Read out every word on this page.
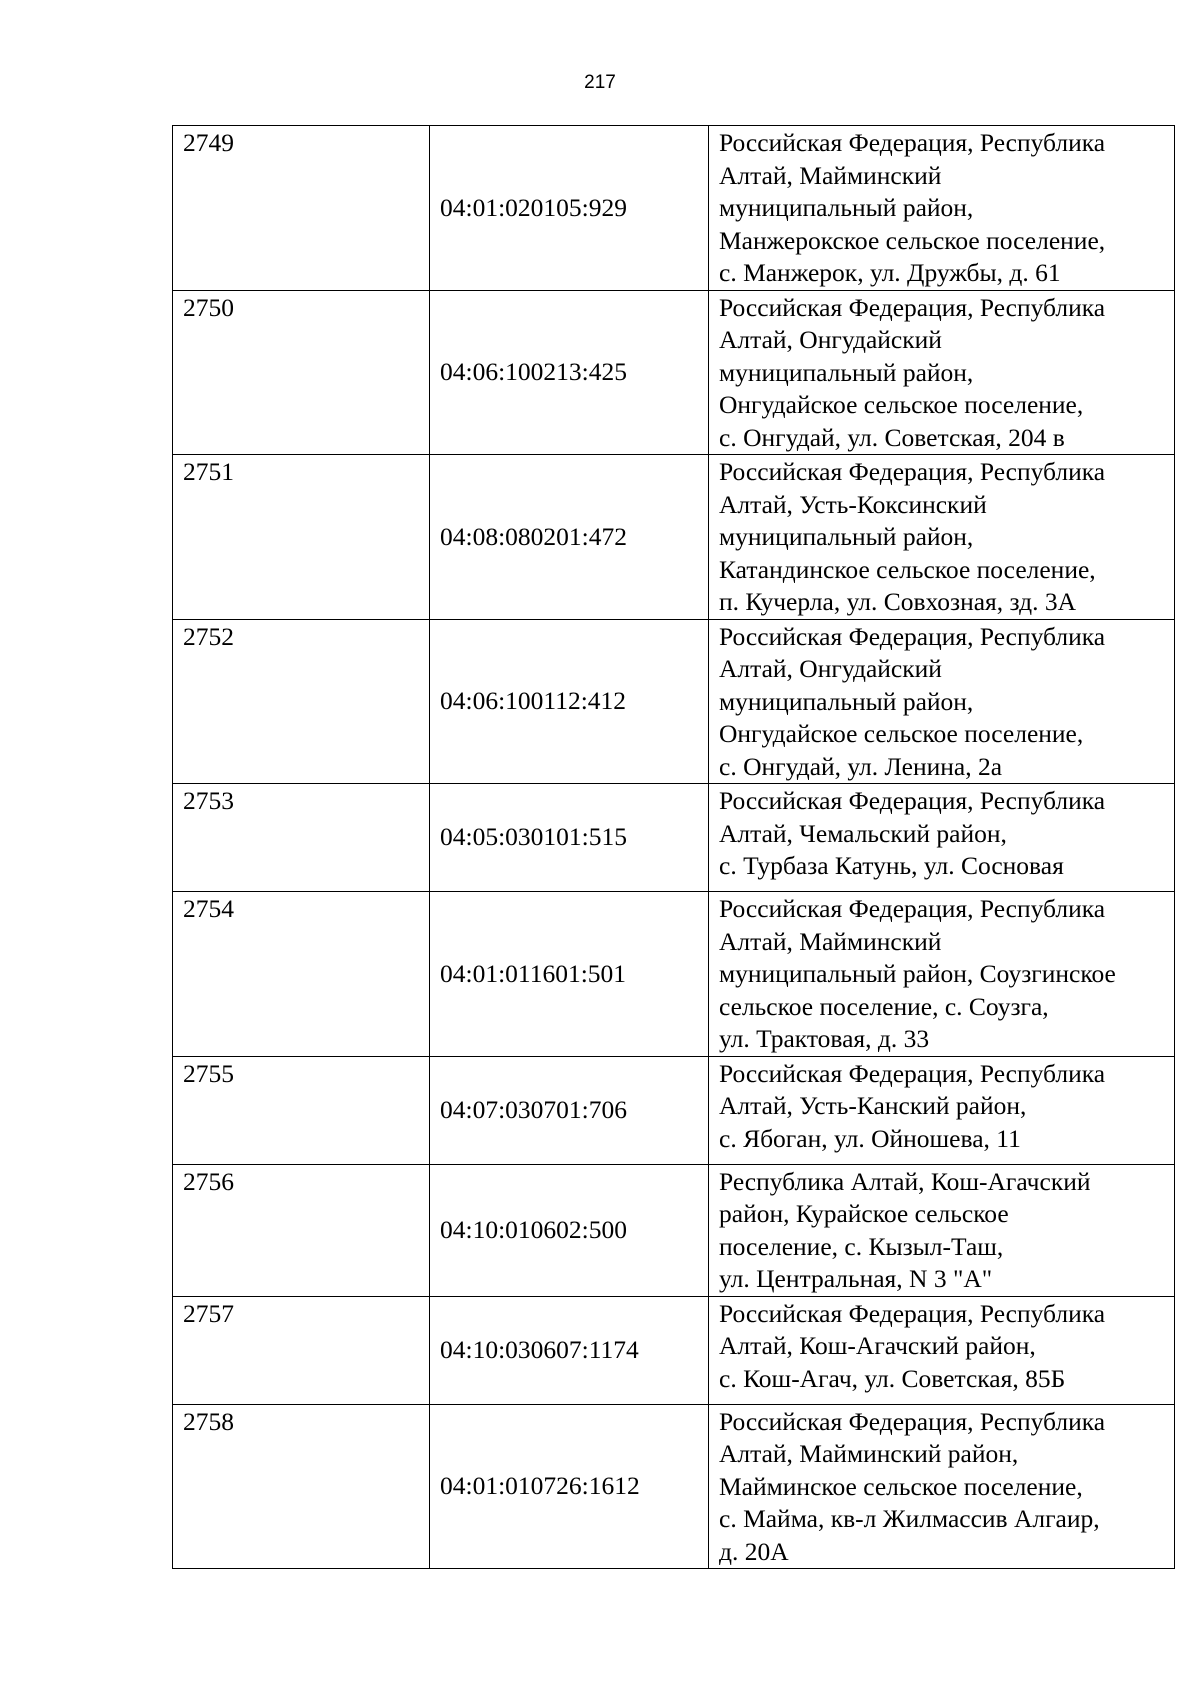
217
2749	04:01:020105:929	Российская Федерация, Республика
Алтай, Майминский
муниципальный район,
Манжерокское сельское поселение,
с. Манжерок, ул. Дружбы, д. 61

2750	04:06:100213:425	Российская Федерация, Республика
Алтай, Онгудайский
муниципальный район,
Онгудайское сельское поселение,
с. Онгудай, ул. Советская, 204 в

2751	04:08:080201:472	Российская Федерация, Республика
Алтай, Усть-Коксинский
муниципальный район,
Катандинское сельское поселение,
п. Кучерла, ул. Совхозная, зд. 3А

2752	04:06:100112:412	Российская Федерация, Республика
Алтай, Онгудайский
муниципальный район,
Онгудайское сельское поселение,
с. Онгудай, ул. Ленина, 2а

2753	04:05:030101:515	Российская Федерация, Республика
Алтай, Чемальский район,
с. Турбаза Катунь, ул. Сосновая

2754	04:01:011601:501	Российская Федерация, Республика
Алтай, Майминский
муниципальный район, Соузгинское
сельское поселение, с. Соузга,
ул. Трактовая, д. 33

2755	04:07:030701:706	Российская Федерация, Республика
Алтай, Усть-Канский район,
с. Ябоган, ул. Ойношева, 11

2756	04:10:010602:500	Республика Алтай, Кош-Агачский
район, Курайское сельское
поселение, с. Кызыл-Таш,
ул. Центральная, N 3 "А"

2757	04:10:030607:1174	Российская Федерация, Республика
Алтай, Кош-Агачский район,
с. Кош-Агач, ул. Советская, 85Б

2758	04:01:010726:1612	Российская Федерация, Республика
Алтай, Майминский район,
Майминское сельское поселение,
с. Майма, кв-л Жилмассив Алгаир,
д. 20А
